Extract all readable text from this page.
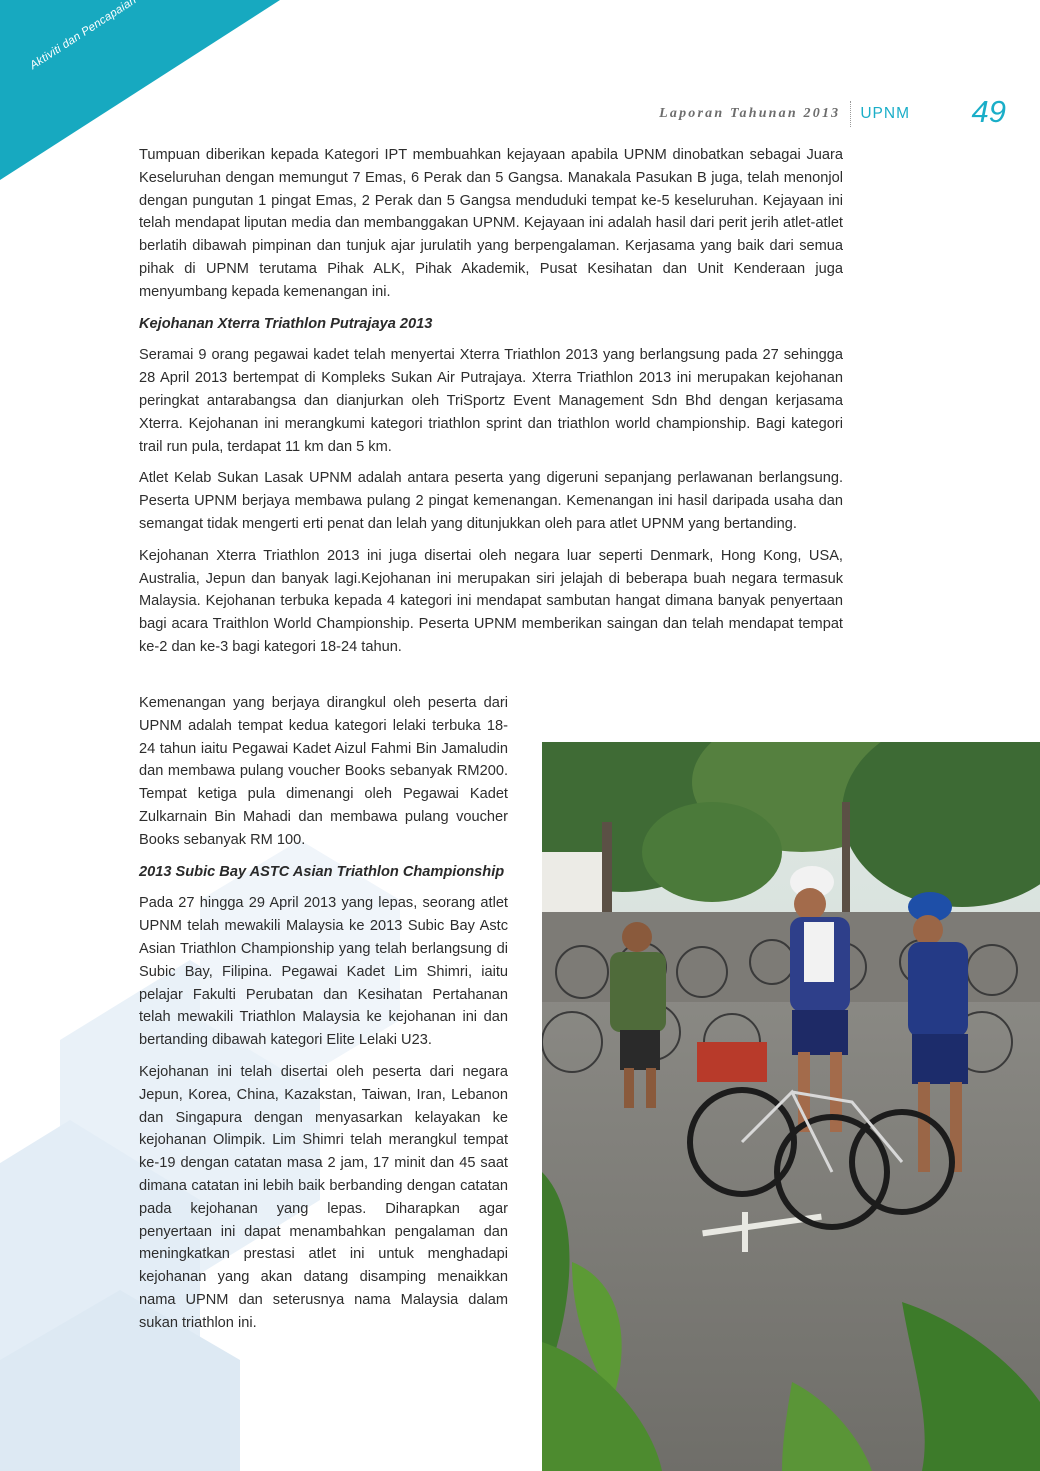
Laporan Tahunan 2013	UPNM	49

Tumpuan diberikan kepada Kategori IPT membuahkan kejayaan apabila UPNM dinobatkan sebagai Juara Keseluruhan dengan memungut 7 Emas, 6 Perak dan 5 Gangsa. Manakala Pasukan B juga, telah menonjol dengan pungutan 1 pingat Emas, 2 Perak dan 5 Gangsa menduduki tempat ke-5 keseluruhan. Kejayaan ini telah mendapat liputan media dan membanggakan UPNM. Kejayaan ini adalah hasil dari perit jerih atlet-atlet berlatih dibawah pimpinan dan tunjuk ajar jurulatih yang berpengalaman. Kerjasama yang baik dari semua pihak di UPNM terutama Pihak ALK, Pihak Akademik, Pusat Kesihatan dan Unit Kenderaan juga menyumbang kepada kemenangan ini.

Kejohanan Xterra Triathlon Putrajaya 2013

Seramai 9 orang pegawai kadet telah menyertai Xterra Triathlon 2013 yang berlangsung pada 27 sehingga 28 April 2013 bertempat di Kompleks Sukan Air Putrajaya. Xterra Triathlon 2013 ini merupakan kejohanan peringkat antarabangsa dan dianjurkan oleh TriSportz Event Management Sdn Bhd dengan kerjasama Xterra. Kejohanan ini merangkumi kategori triathlon sprint dan triathlon world championship. Bagi kategori trail run pula, terdapat 11 km dan 5 km.

Atlet Kelab Sukan Lasak UPNM adalah antara peserta yang digeruni sepanjang perlawanan berlangsung. Peserta UPNM berjaya membawa pulang 2 pingat kemenangan. Kemenangan ini hasil daripada usaha dan semangat tidak mengerti erti penat dan lelah yang ditunjukkan oleh para atlet UPNM yang bertanding.

Kejohanan Xterra Triathlon 2013 ini juga disertai oleh negara luar seperti Denmark, Hong Kong, USA, Australia, Jepun dan banyak lagi.Kejohanan ini merupakan siri jelajah di beberapa buah negara termasuk Malaysia. Kejohanan terbuka kepada 4 kategori ini mendapat sambutan hangat dimana banyak penyertaan bagi acara Traithlon World Championship. Peserta UPNM memberikan saingan dan telah mendapat tempat ke-2 dan ke-3 bagi kategori 18-24 tahun.

Kemenangan yang berjaya dirangkul oleh peserta dari UPNM adalah tempat kedua kategori lelaki terbuka 18-24 tahun iaitu Pegawai Kadet Aizul Fahmi Bin Jamaludin dan membawa pulang voucher Books sebanyak RM200. Tempat ketiga pula dimenangi oleh Pegawai Kadet Zulkarnain Bin Mahadi dan membawa pulang voucher Books sebanyak RM 100.

2013 Subic Bay ASTC Asian Triathlon Championship

Pada 27 hingga 29 April 2013 yang lepas, seorang atlet UPNM telah mewakili Malaysia ke 2013 Subic Bay Astc Asian Triathlon Championship yang telah berlangsung di Subic Bay, Filipina. Pegawai Kadet Lim Shimri, iaitu pelajar Fakulti Perubatan dan Kesihatan Pertahanan telah mewakili Triathlon Malaysia ke kejohanan ini dan bertanding dibawah kategori Elite Lelaki U23.

Kejohanan ini telah disertai oleh peserta dari negara Jepun, Korea, China, Kazakstan, Taiwan, Iran, Lebanon dan Singapura dengan menyasarkan kelayakan ke kejohanan Olimpik. Lim Shimri telah merangkul tempat ke-19 dengan catatan masa 2 jam, 17 minit dan 45 saat dimana catatan ini lebih baik berbanding dengan catatan pada kejohanan yang lepas. Diharapkan agar penyertaan ini dapat menambahkan pengalaman dan meningkatkan prestasi atlet ini untuk menghadapi kejohanan yang akan datang disamping menaikkan nama UPNM dan seterusnya nama Malaysia dalam sukan triathlon ini.
